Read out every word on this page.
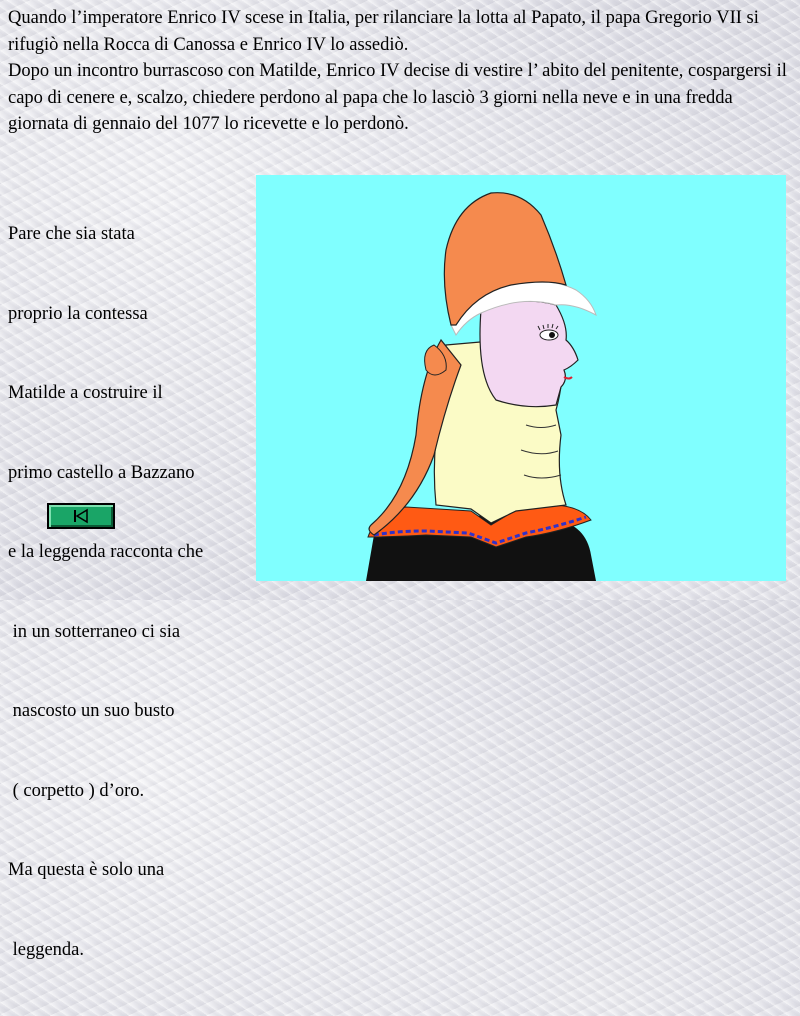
Quando l’imperatore Enrico IV scese in Italia, per rilanciare la lotta al Papato, il papa Gregorio VII si rifugiò nella Rocca di Canossa e Enrico IV lo assediò.

Dopo un incontro burrascoso con Matilde, Enrico IV decise di vestire l’ abito del penitente, cospargersi il capo di cenere e, scalzo, chiedere perdono al papa che lo lasciò 3 giorni nella neve e in una fredda giornata di gennaio del 1077 lo ricevette e lo perdonò.

Pare che sia stata

proprio la contessa

Matilde a costruire il

primo castello a Bazzano

e la leggenda racconta che

in un sotterraneo ci sia

nascosto un suo busto

( corpetto ) d’oro.

Ma questa è solo una

leggenda.
